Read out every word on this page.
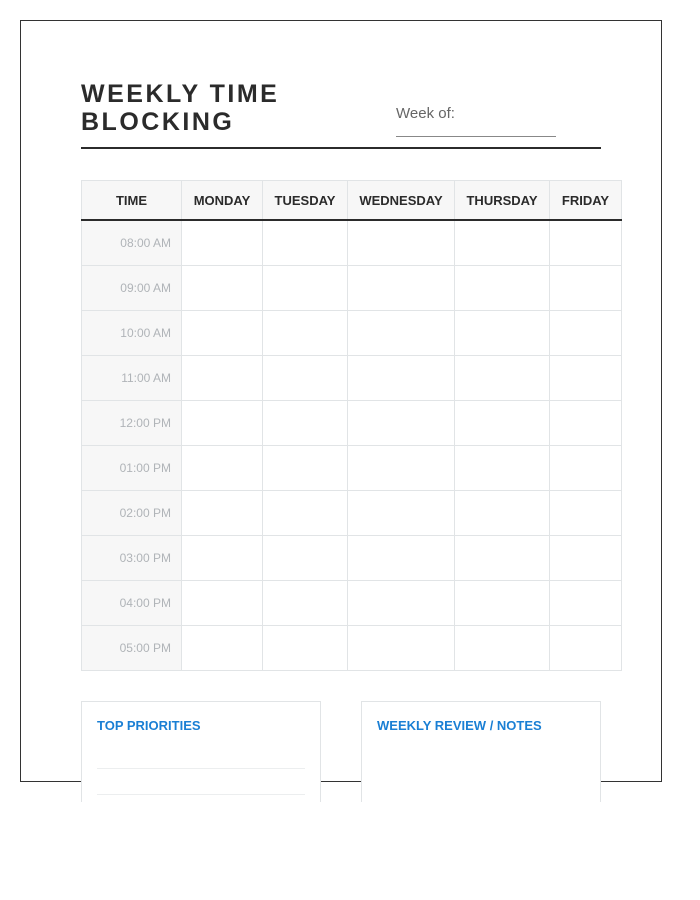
WEEKLY TIME
BLOCKING	Week of:
TIME	MONDAY	TUESDAY	WEDNESDAY	THURSDAY	FRIDAY
08:00 AM					
09:00 AM					
10:00 AM					
11:00 AM					
12:00 PM					
01:00 PM					
02:00 PM					
03:00 PM					
04:00 PM					
05:00 PM					
TOP PRIORITIES	WEEKLY REVIEW / NOTES
